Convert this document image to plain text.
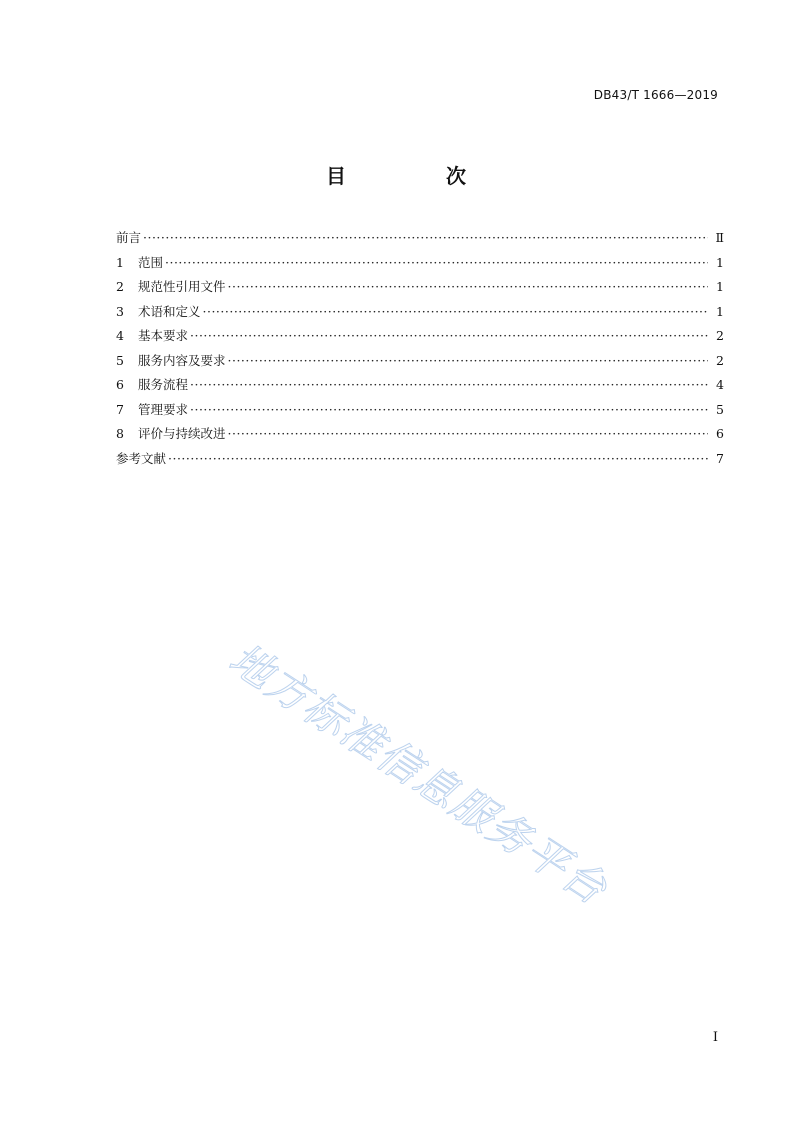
DB43/T 1666—2019
目　次
前言 ·····	Ⅱ
1	范围 ·····	1
2	规范性引用文件 ·····	1
3	术语和定义 ·····	1
4	基本要求 ·····	2
5	服务内容及要求 ·····	2
6	服务流程 ·····	4
7	管理要求 ·····	5
8	评价与持续改进 ·····	6
参考文献 ·····	7
地方标准信息服务平台
I
